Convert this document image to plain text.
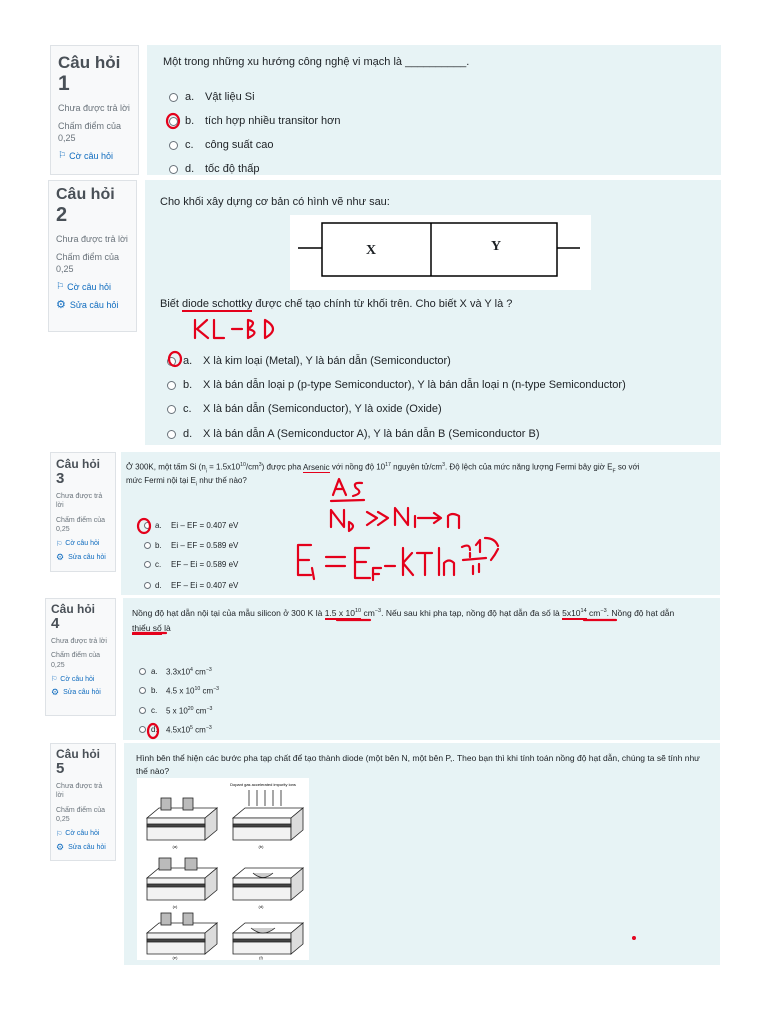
Câu hỏi
1
Chưa được trả lời
Chấm điểm của 0,25
⚐ Cờ câu hỏi
Một trong những xu hướng công nghệ vi mạch là __________.
a. Vật liệu Si
b. tích hợp nhiều transitor hơn
c.	công suất cao
d. tốc độ thấp
Câu hỏi
2
Chưa được trả lời
Chấm điểm của 0,25
⚐ Cờ câu hỏi
⚙ Sửa câu hỏi
Cho khối xây dựng cơ bản có hình vẽ như sau:
X	Y
Biết diode schottky được chế tạo chính từ khối trên. Cho biết X và Y là ?
a. X là kim loại (Metal), Y là bán dẫn (Semiconductor)
b. X là bán dẫn loại p (p-type Semiconductor), Y là bán dẫn loại n (n-type Semiconductor)
c.	X là bán dẫn (Semiconductor), Y là oxide (Oxide)
d. X là bán dẫn A (Semiconductor A), Y là bán dẫn B (Semiconductor B)
Câu hỏi
3
Chưa được trả lời
Chấm điểm của 0,25
⚐ Cờ câu hỏi
⚙ Sửa câu hỏi
Ở 300K, một tấm Si $(n_i = 1.5x10^{10}/cm^3)$ được pha Arsenic với nồng độ $10^{17}$ nguyên $tử/cm^3$. Độ lệch của mức năng lượng Fermi bây giờ $E_F$ so với
mức Fermi nội tại $E_i$ như thế nào?
a.	Ei – EF = 0.407 eV
b.	Ei – EF = 0.589 eV
c.	EF – Ei = 0.589 eV
d.	EF – Ei = 0.407 eV
Câu hỏi
4
Chưa được trả lời
Chấm điểm của 0,25
⚐ Cờ câu hỏi
⚙ Sửa câu hỏi
Nồng độ hạt dẫn nội tại của mẫu silicon ở 300 K là 1.5 x $10^{10}$ $cm^{-3}$. Nếu sau khi pha tạp, nồng độ hạt dẫn đa số là $5x10^{14}$ $cm^{-3}$. Nồng độ hạt dẫn
thiểu số là
a.	$3.3x10^4$ $cm^{-3}$
b.	4.5 x $10^{10}$ $cm^{-3}$
c.	5 x $10^{20}$ $cm^{-3}$
d.	$4.5x10^5$ $cm^{-3}$
Câu hỏi
5
Chưa được trả lời
Chấm điểm của 0,25
⚐ Cờ câu hỏi
⚙ Sửa câu hỏi
Hình bên thể hiện các bước pha tạp chất để tạo thành diode (một bên N, một bên P,. Theo bạn thì khi tính toán nồng độ hạt dẫn, chúng ta sẽ tính như thế nào?
Dopant gas accelerated impurity ions
(a)	(b)
(c)	(d)
(e)	(f)
